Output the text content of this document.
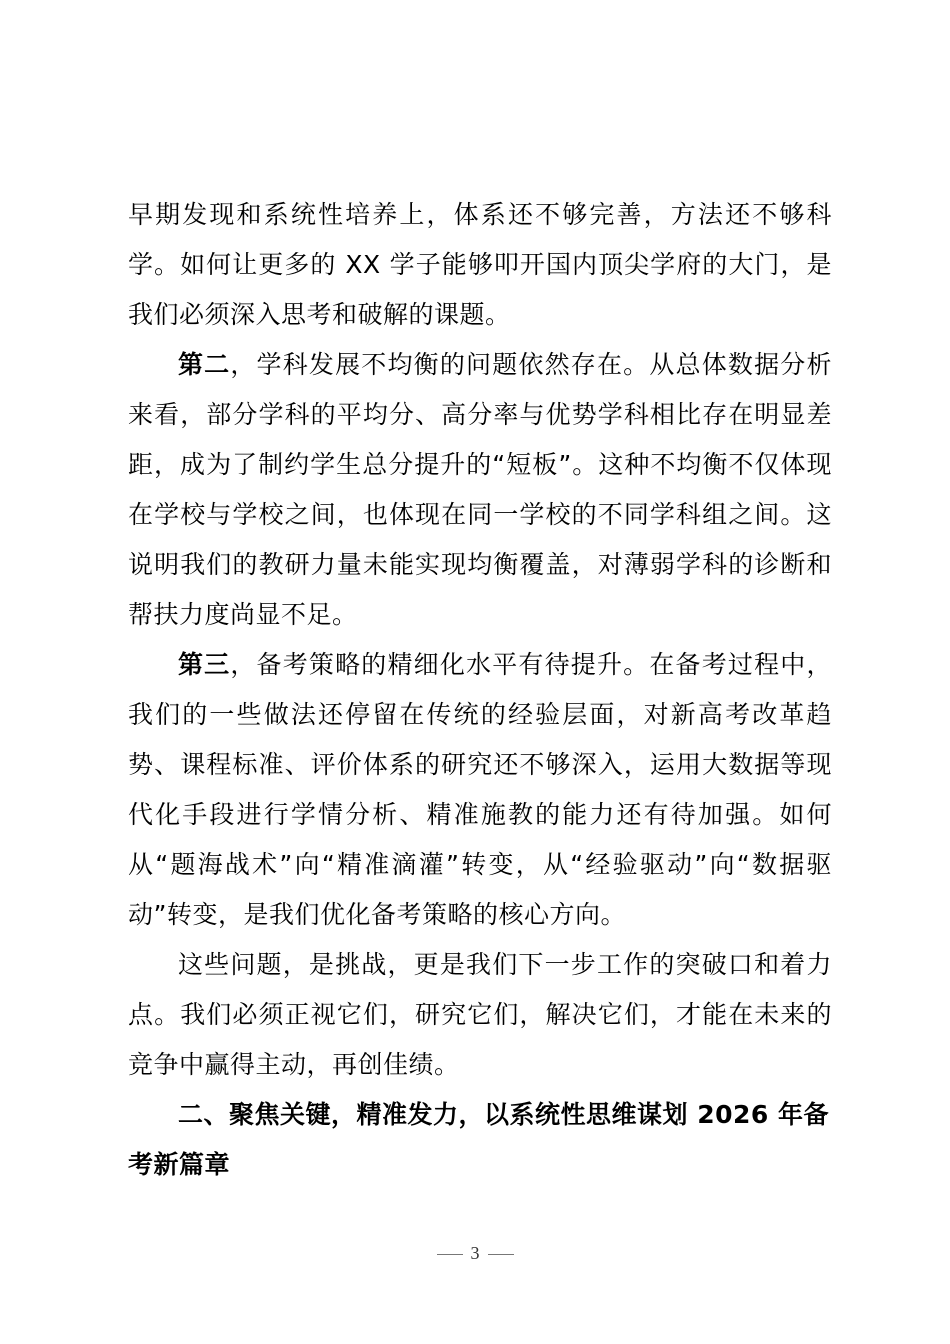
早期发现和系统性培养上，体系还不够完善，方法还不够科学。如何让更多的 XX 学子能够叩开国内顶尖学府的大门，是我们必须深入思考和破解的课题。

第二，学科发展不均衡的问题依然存在。从总体数据分析来看，部分学科的平均分、高分率与优势学科相比存在明显差距，成为了制约学生总分提升的“短板”。这种不均衡不仅体现在学校与学校之间，也体现在同一学校的不同学科组之间。这说明我们的教研力量未能实现均衡覆盖，对薄弱学科的诊断和帮扶力度尚显不足。

第三，备考策略的精细化水平有待提升。在备考过程中，我们的一些做法还停留在传统的经验层面，对新高考改革趋势、课程标准、评价体系的研究还不够深入，运用大数据等现代化手段进行学情分析、精准施教的能力还有待加强。如何从“题海战术”向“精准滴灌”转变，从“经验驱动”向“数据驱动”转变，是我们优化备考策略的核心方向。

这些问题，是挑战，更是我们下一步工作的突破口和着力点。我们必须正视它们，研究它们，解决它们，才能在未来的竞争中赢得主动，再创佳绩。

二、聚焦关键，精准发力，以系统性思维谋划 2026 年备考新篇章

3
